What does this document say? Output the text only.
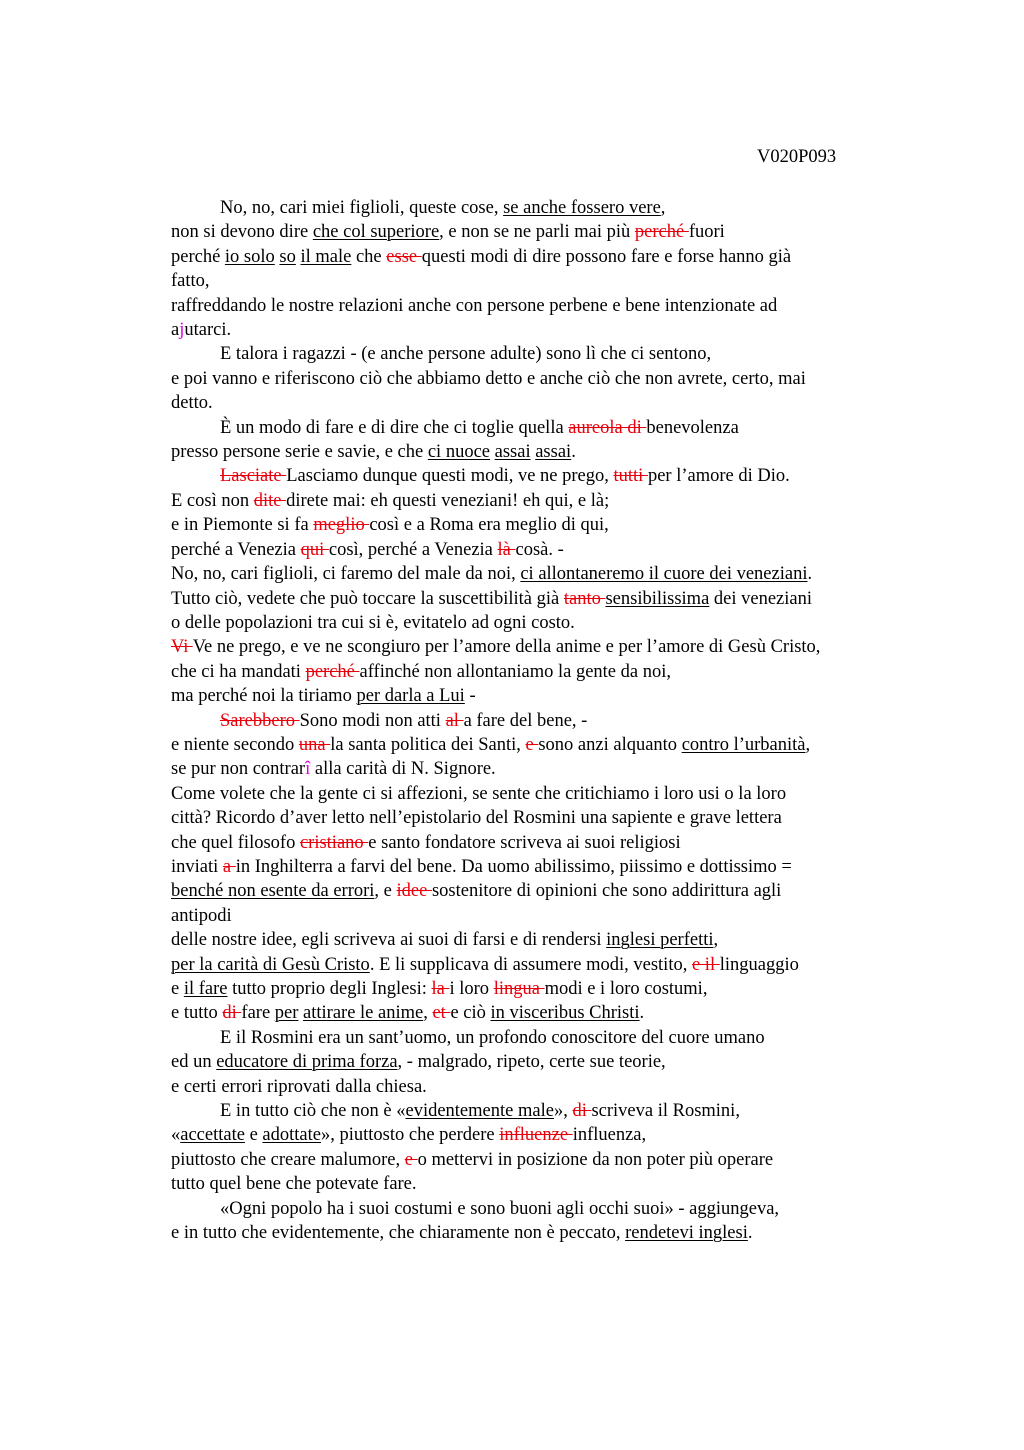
V020P093
No, no, cari miei figlioli, queste cose, se anche fossero vere,
non si devono dire che col superiore, e non se ne parli mai più perché fuori
perché io solo so il male che esse questi modi di dire possono fare e forse hanno già
fatto,
raffreddando le nostre relazioni anche con persone perbene e bene intenzionate ad
ajutarci.
E talora i ragazzi - (e anche persone adulte) sono lì che ci sentono,
e poi vanno e riferiscono ciò che abbiamo detto e anche ciò che non avrete, certo, mai
detto.
È un modo di fare e di dire che ci toglie quella aureola di benevolenza
presso persone serie e savie, e che ci nuoce assai assai.
Lasciate Lasciamo dunque questi modi, ve ne prego, tutti per l’amore di Dio.
E così non dite direte mai: eh questi veneziani! eh qui, e là;
e in Piemonte si fa meglio così e a Roma era meglio di qui,
perché a Venezia qui così, perché a Venezia là cosà. -
No, no, cari figlioli, ci faremo del male da noi, ci allontaneremo il cuore dei veneziani.
Tutto ciò, vedete che può toccare la suscettibilità già tanto sensibilissima dei veneziani
o delle popolazioni tra cui si è, evitatelo ad ogni costo.
Vi Ve ne prego, e ve ne scongiuro per l’amore della anime e per l’amore di Gesù Cristo,
che ci ha mandati perché affinché non allontaniamo la gente da noi,
ma perché noi la tiriamo per darla a Lui -
Sarebbero Sono modi non atti al a fare del bene, -
e niente secondo una la santa politica dei Santi, e sono anzi alquanto contro l’urbanità,
se pur non contrarî alla carità di N. Signore.
Come volete che la gente ci si affezioni, se sente che critichiamo i loro usi o la loro
città? Ricordo d’aver letto nell’epistolario del Rosmini una sapiente e grave lettera
che quel filosofo cristiano e santo fondatore scriveva ai suoi religiosi
inviati a in Inghilterra a farvi del bene. Da uomo abilissimo, piissimo e dottissimo =
benché non esente da errori, e idee sostenitore di opinioni che sono addirittura agli
antipodi
delle nostre idee, egli scriveva ai suoi di farsi e di rendersi inglesi perfetti,
per la carità di Gesù Cristo. E li supplicava di assumere modi, vestito, e il linguaggio
e il fare tutto proprio degli Inglesi: la i loro lingua modi e i loro costumi,
e tutto di fare per attirare le anime, et e ciò in visceribus Christi.
E il Rosmini era un sant’uomo, un profondo conoscitore del cuore umano
ed un educatore di prima forza, - malgrado, ripeto, certe sue teorie,
e certi errori riprovati dalla chiesa.
E in tutto ciò che non è «evidentemente male», di scriveva il Rosmini,
«accettate e adottate», piuttosto che perdere influenze influenza,
piuttosto che creare malumore, e o mettervi in posizione da non poter più operare
tutto quel bene che potevate fare.
«Ogni popolo ha i suoi costumi e sono buoni agli occhi suoi» - aggiungeva,
e in tutto che evidentemente, che chiaramente non è peccato, rendetevi inglesi.
